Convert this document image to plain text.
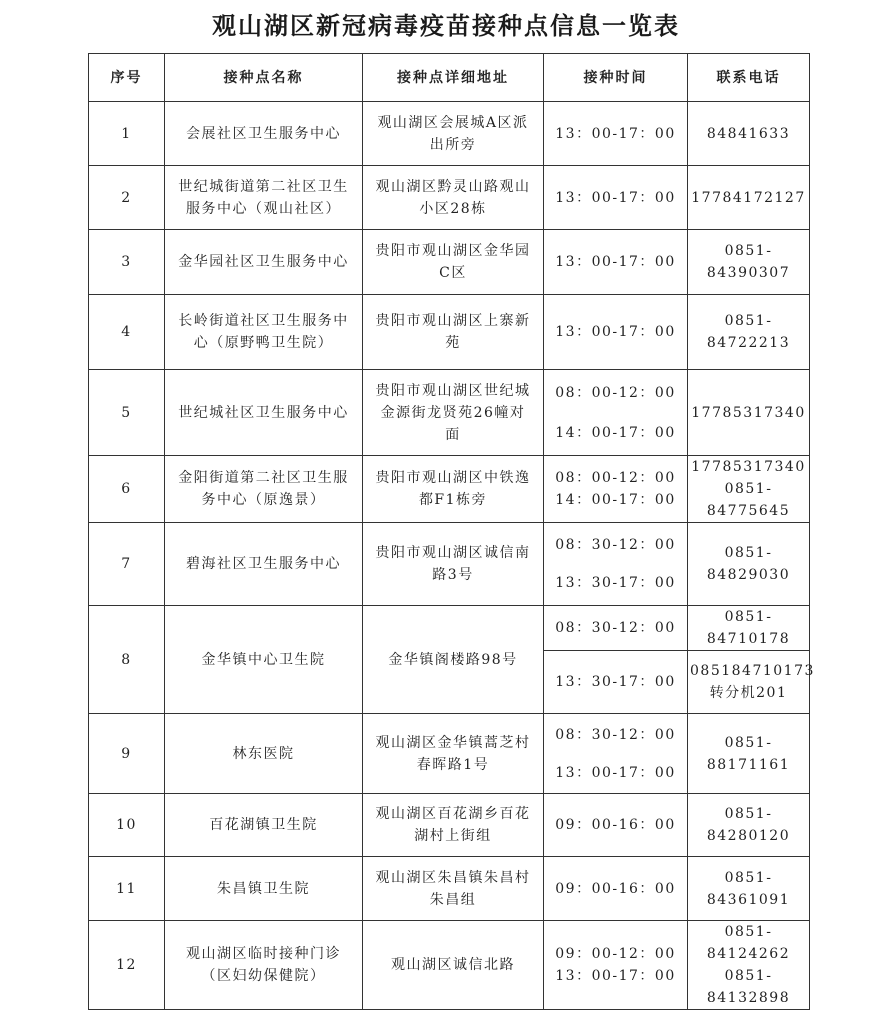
观山湖区新冠病毒疫苗接种点信息一览表
序号	接种点名称	接种点详细地址	接种时间	联系电话
1	会展社区卫生服务中心	观山湖区会展城A区派
出所旁	13：00-17：00	84841633

2	世纪城街道第二社区卫生
服务中心（观山社区）	观山湖区黔灵山路观山
小区28栋	13：00-17：00	17784172127

3	金华园社区卫生服务中心	贵阳市观山湖区金华园
C区	13：00-17：00	0851-84390307

4	长岭街道社区卫生服务中
心（原野鸭卫生院）	贵阳市观山湖区上寨新
苑	13：00-17：00	0851-84722213

5	世纪城社区卫生服务中心	贵阳市观山湖区世纪城
金源街龙贤苑26幢对
面	08：00-12：00
14：00-17：00	17785317340

6	金阳街道第二社区卫生服
务中心（原逸景）	贵阳市观山湖区中铁逸
都F1栋旁	08：00-12：00
14：00-17：00	17785317340
0851-84775645

7	碧海社区卫生服务中心	贵阳市观山湖区诚信南
路3号	08：30-12：00
13：30-17：00	0851-84829030

8	金华镇中心卫生院	金华镇阁楼路98号	08：30-12：00	0851-84710178

			13：30-17：00	085184710173
转分机201

9	林东医院	观山湖区金华镇蒿芝村
春晖路1号	08：30-12：00
13：00-17：00	0851-88171161

10	百花湖镇卫生院	观山湖区百花湖乡百花
湖村上街组	09：00-16：00	0851-84280120

11	朱昌镇卫生院	观山湖区朱昌镇朱昌村
朱昌组	09：00-16：00	0851-84361091

12	观山湖区临时接种门诊
（区妇幼保健院）	观山湖区诚信北路	09：00-12：00
13：00-17：00	0851-84124262
0851-84132898
